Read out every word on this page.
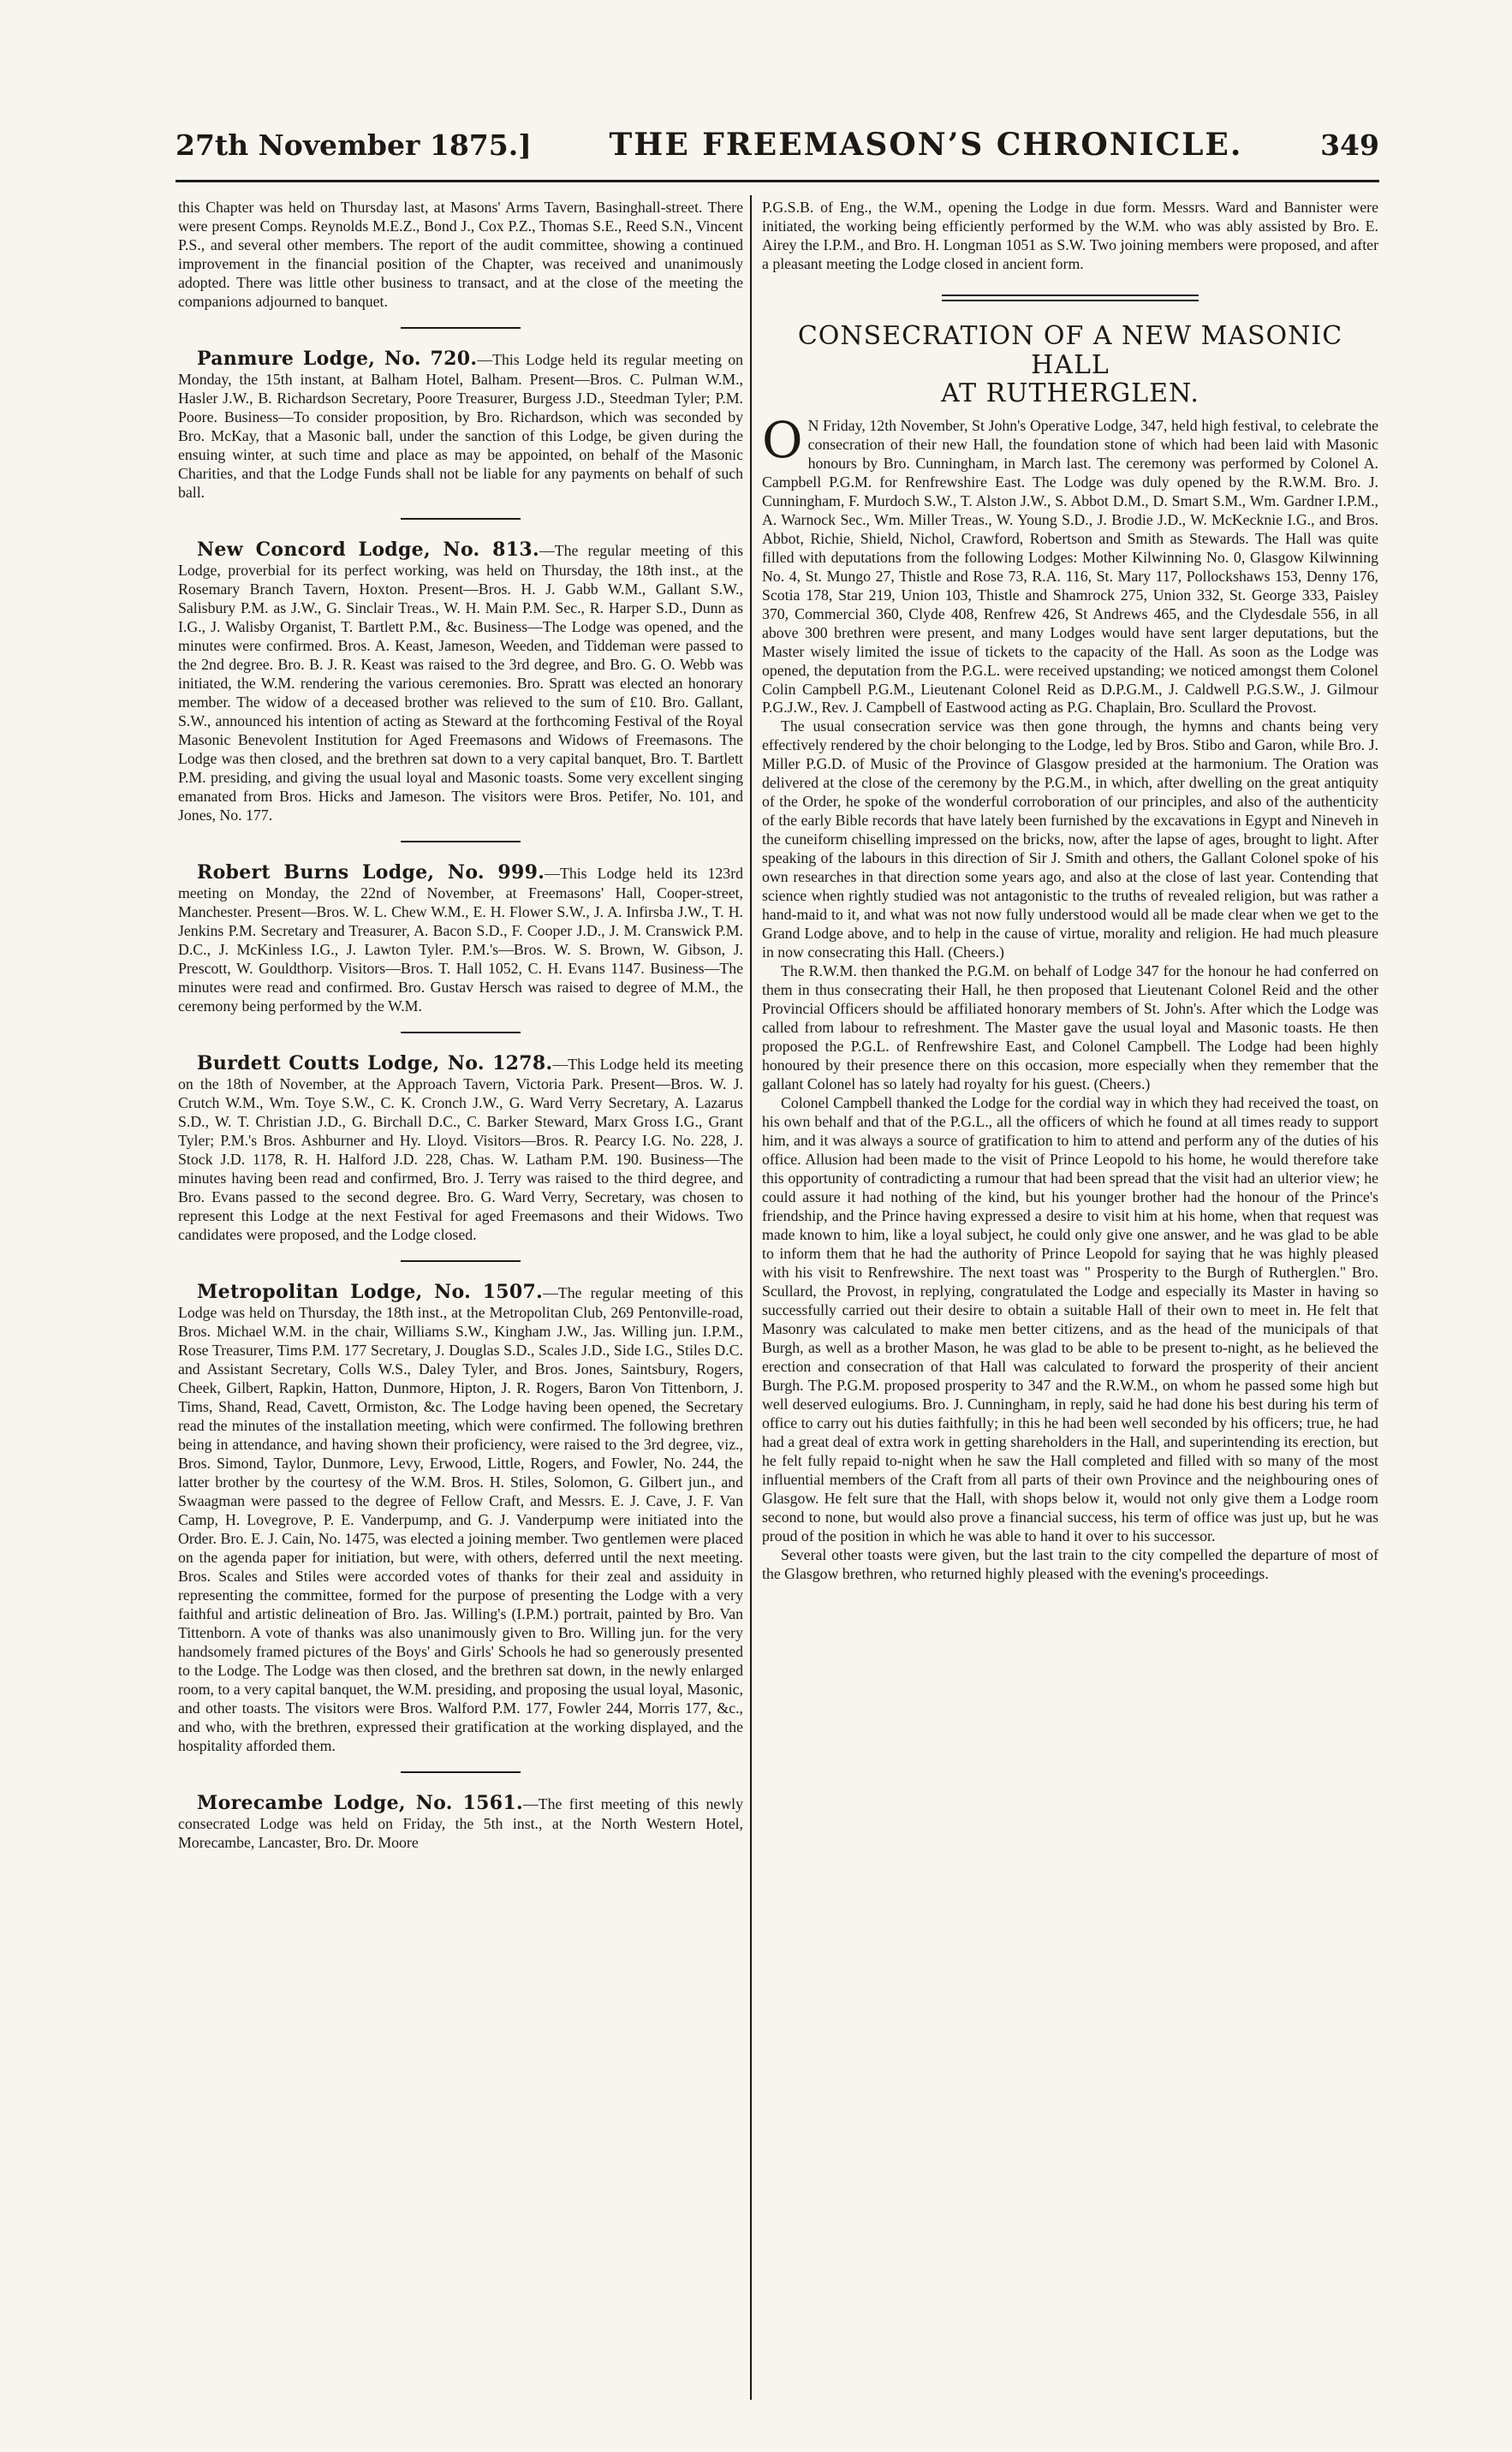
27th November 1875.]	THE FREEMASON’S CHRONICLE.	349

this Chapter was held on Thursday last, at Masons' Arms Tavern, Basinghall-street. There were present Comps. Reynolds M.E.Z., Bond J., Cox P.Z., Thomas S.E., Reed S.N., Vincent P.S., and several other members. The report of the audit committee, showing a continued improvement in the financial position of the Chapter, was received and unanimously adopted. There was little other business to transact, and at the close of the meeting the companions adjourned to banquet.

Panmure Lodge, No. 720.—This Lodge held its regular meeting on Monday, the 15th instant, at Balham Hotel, Balham. Present—Bros. C. Pulman W.M., Hasler J.W., B. Richardson Secretary, Poore Treasurer, Burgess J.D., Steedman Tyler; P.M. Poore. Business—To consider proposition, by Bro. Richardson, which was seconded by Bro. McKay, that a Masonic ball, under the sanction of this Lodge, be given during the ensuing winter, at such time and place as may be appointed, on behalf of the Masonic Charities, and that the Lodge Funds shall not be liable for any payments on behalf of such ball.

New Concord Lodge, No. 813.—The regular meeting of this Lodge, proverbial for its perfect working, was held on Thursday, the 18th inst., at the Rosemary Branch Tavern, Hoxton. Present—Bros. H. J. Gabb W.M., Gallant S.W., Salisbury P.M. as J.W., G. Sinclair Treas., W. H. Main P.M. Sec., R. Harper S.D., Dunn as I.G., J. Walisby Organist, T. Bartlett P.M., &c. Business—The Lodge was opened, and the minutes were confirmed. Bros. A. Keast, Jameson, Weeden, and Tiddeman were passed to the 2nd degree. Bro. B. J. R. Keast was raised to the 3rd degree, and Bro. G. O. Webb was initiated, the W.M. rendering the various ceremonies. Bro. Spratt was elected an honorary member. The widow of a deceased brother was relieved to the sum of £10. Bro. Gallant, S.W., announced his intention of acting as Steward at the forthcoming Festival of the Royal Masonic Benevolent Institution for Aged Freemasons and Widows of Freemasons. The Lodge was then closed, and the brethren sat down to a very capital banquet, Bro. T. Bartlett P.M. presiding, and giving the usual loyal and Masonic toasts. Some very excellent singing emanated from Bros. Hicks and Jameson. The visitors were Bros. Petifer, No. 101, and Jones, No. 177.

Robert Burns Lodge, No. 999.—This Lodge held its 123rd meeting on Monday, the 22nd of November, at Freemasons' Hall, Cooper-street, Manchester. Present—Bros. W. L. Chew W.M., E. H. Flower S.W., J. A. Infirsba J.W., T. H. Jenkins P.M. Secretary and Treasurer, A. Bacon S.D., F. Cooper J.D., J. M. Cranswick P.M. D.C., J. McKinless I.G., J. Lawton Tyler. P.M.'s—Bros. W. S. Brown, W. Gibson, J. Prescott, W. Gouldthorp. Visitors—Bros. T. Hall 1052, C. H. Evans 1147. Business—The minutes were read and confirmed. Bro. Gustav Hersch was raised to degree of M.M., the ceremony being performed by the W.M.

Burdett Coutts Lodge, No. 1278.—This Lodge held its meeting on the 18th of November, at the Approach Tavern, Victoria Park. Present—Bros. W. J. Crutch W.M., Wm. Toye S.W., C. K. Cronch J.W., G. Ward Verry Secretary, A. Lazarus S.D., W. T. Christian J.D., G. Birchall D.C., C. Barker Steward, Marx Gross I.G., Grant Tyler; P.M.'s Bros. Ashburner and Hy. Lloyd. Visitors—Bros. R. Pearcy I.G. No. 228, J. Stock J.D. 1178, R. H. Halford J.D. 228, Chas. W. Latham P.M. 190. Business—The minutes having been read and confirmed, Bro. J. Terry was raised to the third degree, and Bro. Evans passed to the second degree. Bro. G. Ward Verry, Secretary, was chosen to represent this Lodge at the next Festival for aged Freemasons and their Widows. Two candidates were proposed, and the Lodge closed.

Metropolitan Lodge, No. 1507.—The regular meeting of this Lodge was held on Thursday, the 18th inst., at the Metropolitan Club, 269 Pentonville-road, Bros. Michael W.M. in the chair, Williams S.W., Kingham J.W., Jas. Willing jun. I.P.M., Rose Treasurer, Tims P.M. 177 Secretary, J. Douglas S.D., Scales J.D., Side I.G., Stiles D.C. and Assistant Secretary, Colls W.S., Daley Tyler, and Bros. Jones, Saintsbury, Rogers, Cheek, Gilbert, Rapkin, Hatton, Dunmore, Hipton, J. R. Rogers, Baron Von Tittenborn, J. Tims, Shand, Read, Cavett, Ormiston, &c. The Lodge having been opened, the Secretary read the minutes of the installation meeting, which were confirmed. The following brethren being in attendance, and having shown their proficiency, were raised to the 3rd degree, viz., Bros. Simond, Taylor, Dunmore, Levy, Erwood, Little, Rogers, and Fowler, No. 244, the latter brother by the courtesy of the W.M. Bros. H. Stiles, Solomon, G. Gilbert jun., and Swaagman were passed to the degree of Fellow Craft, and Messrs. E. J. Cave, J. F. Van Camp, H. Lovegrove, P. E. Vanderpump, and G. J. Vanderpump were initiated into the Order. Bro. E. J. Cain, No. 1475, was elected a joining member. Two gentlemen were placed on the agenda paper for initiation, but were, with others, deferred until the next meeting. Bros. Scales and Stiles were accorded votes of thanks for their zeal and assiduity in representing the committee, formed for the purpose of presenting the Lodge with a very faithful and artistic delineation of Bro. Jas. Willing's (I.P.M.) portrait, painted by Bro. Van Tittenborn. A vote of thanks was also unanimously given to Bro. Willing jun. for the very handsomely framed pictures of the Boys' and Girls' Schools he had so generously presented to the Lodge. The Lodge was then closed, and the brethren sat down, in the newly enlarged room, to a very capital banquet, the W.M. presiding, and proposing the usual loyal, Masonic, and other toasts. The visitors were Bros. Walford P.M. 177, Fowler 244, Morris 177, &c., and who, with the brethren, expressed their gratification at the working displayed, and the hospitality afforded them.

Morecambe Lodge, No. 1561.—The first meeting of this newly consecrated Lodge was held on Friday, the 5th inst., at the North Western Hotel, Morecambe, Lancaster, Bro. Dr. Moore

P.G.S.B. of Eng., the W.M., opening the Lodge in due form. Messrs. Ward and Bannister were initiated, the working being efficiently performed by the W.M. who was ably assisted by Bro. E. Airey the I.P.M., and Bro. H. Longman 1051 as S.W. Two joining members were proposed, and after a pleasant meeting the Lodge closed in ancient form.

CONSECRATION OF A NEW MASONIC HALL
AT RUTHERGLEN.

O N Friday, 12th November, St John's Operative Lodge, 347, held high festival, to celebrate the consecration of their new Hall, the foundation stone of which had been laid with Masonic honours by Bro. Cunningham, in March last. The ceremony was performed by Colonel A. Campbell P.G.M. for Renfrewshire East. The Lodge was duly opened by the R.W.M. Bro. J. Cunningham, F. Murdoch S.W., T. Alston J.W., S. Abbot D.M., D. Smart S.M., Wm. Gardner I.P.M., A. Warnock Sec., Wm. Miller Treas., W. Young S.D., J. Brodie J.D., W. McKecknie I.G., and Bros. Abbot, Richie, Shield, Nichol, Crawford, Robertson and Smith as Stewards. The Hall was quite filled with deputations from the following Lodges: Mother Kilwinning No. 0, Glasgow Kilwinning No. 4, St. Mungo 27, Thistle and Rose 73, R.A. 116, St. Mary 117, Pollockshaws 153, Denny 176, Scotia 178, Star 219, Union 103, Thistle and Shamrock 275, Union 332, St. George 333, Paisley 370, Commercial 360, Clyde 408, Renfrew 426, St Andrews 465, and the Clydesdale 556, in all above 300 brethren were present, and many Lodges would have sent larger deputations, but the Master wisely limited the issue of tickets to the capacity of the Hall. As soon as the Lodge was opened, the deputation from the P.G.L. were received upstanding; we noticed amongst them Colonel Colin Campbell P.G.M., Lieutenant Colonel Reid as D.P.G.M., J. Caldwell P.G.S.W., J. Gilmour P.G.J.W., Rev. J. Campbell of Eastwood acting as P.G. Chaplain, Bro. Scullard the Provost.

The usual consecration service was then gone through, the hymns and chants being very effectively rendered by the choir belonging to the Lodge, led by Bros. Stibo and Garon, while Bro. J. Miller P.G.D. of Music of the Province of Glasgow presided at the harmonium. The Oration was delivered at the close of the ceremony by the P.G.M., in which, after dwelling on the great antiquity of the Order, he spoke of the wonderful corroboration of our principles, and also of the authenticity of the early Bible records that have lately been furnished by the excavations in Egypt and Nineveh in the cuneiform chiselling impressed on the bricks, now, after the lapse of ages, brought to light. After speaking of the labours in this direction of Sir J. Smith and others, the Gallant Colonel spoke of his own researches in that direction some years ago, and also at the close of last year. Contending that science when rightly studied was not antagonistic to the truths of revealed religion, but was rather a hand-maid to it, and what was not now fully understood would all be made clear when we get to the Grand Lodge above, and to help in the cause of virtue, morality and religion. He had much pleasure in now consecrating this Hall. (Cheers.)

The R.W.M. then thanked the P.G.M. on behalf of Lodge 347 for the honour he had conferred on them in thus consecrating their Hall, he then proposed that Lieutenant Colonel Reid and the other Provincial Officers should be affiliated honorary members of St. John's. After which the Lodge was called from labour to refreshment. The Master gave the usual loyal and Masonic toasts. He then proposed the P.G.L. of Renfrewshire East, and Colonel Campbell. The Lodge had been highly honoured by their presence there on this occasion, more especially when they remember that the gallant Colonel has so lately had royalty for his guest. (Cheers.)

Colonel Campbell thanked the Lodge for the cordial way in which they had received the toast, on his own behalf and that of the P.G.L., all the officers of which he found at all times ready to support him, and it was always a source of gratification to him to attend and perform any of the duties of his office. Allusion had been made to the visit of Prince Leopold to his home, he would therefore take this opportunity of contradicting a rumour that had been spread that the visit had an ulterior view; he could assure it had nothing of the kind, but his younger brother had the honour of the Prince's friendship, and the Prince having expressed a desire to visit him at his home, when that request was made known to him, like a loyal subject, he could only give one answer, and he was glad to be able to inform them that he had the authority of Prince Leopold for saying that he was highly pleased with his visit to Renfrewshire. The next toast was " Prosperity to the Burgh of Rutherglen." Bro. Scullard, the Provost, in replying, congratulated the Lodge and especially its Master in having so successfully carried out their desire to obtain a suitable Hall of their own to meet in. He felt that Masonry was calculated to make men better citizens, and as the head of the municipals of that Burgh, as well as a brother Mason, he was glad to be able to be present to-night, as he believed the erection and consecration of that Hall was calculated to forward the prosperity of their ancient Burgh. The P.G.M. proposed prosperity to 347 and the R.W.M., on whom he passed some high but well deserved eulogiums. Bro. J. Cunningham, in reply, said he had done his best during his term of office to carry out his duties faithfully; in this he had been well seconded by his officers; true, he had had a great deal of extra work in getting shareholders in the Hall, and superintending its erection, but he felt fully repaid to-night when he saw the Hall completed and filled with so many of the most influential members of the Craft from all parts of their own Province and the neighbouring ones of Glasgow. He felt sure that the Hall, with shops below it, would not only give them a Lodge room second to none, but would also prove a financial success, his term of office was just up, but he was proud of the position in which he was able to hand it over to his successor.

Several other toasts were given, but the last train to the city compelled the departure of most of the Glasgow brethren, who returned highly pleased with the evening's proceedings.
